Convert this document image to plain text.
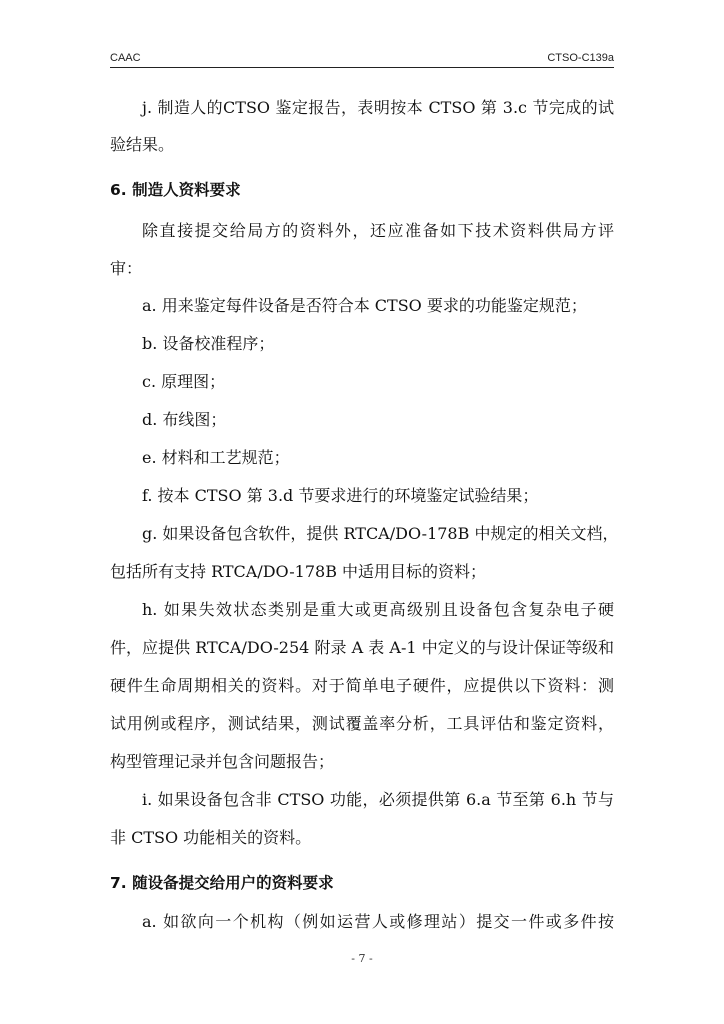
CAAC	CTSO-C139a
j. 制造人的CTSO 鉴定报告，表明按本 CTSO 第 3.c 节完成的试
验结果。
6. 制造人资料要求
除直接提交给局方的资料外，还应准备如下技术资料供局方评
审：
a. 用来鉴定每件设备是否符合本 CTSO 要求的功能鉴定规范；
b. 设备校准程序；
c. 原理图；
d. 布线图；
e. 材料和工艺规范；
f. 按本 CTSO 第 3.d 节要求进行的环境鉴定试验结果；
g. 如果设备包含软件，提供 RTCA/DO-178B 中规定的相关文档，
包括所有支持 RTCA/DO-178B 中适用目标的资料；
h. 如果失效状态类别是重大或更高级别且设备包含复杂电子硬
件，应提供 RTCA/DO-254 附录 A 表 A-1 中定义的与设计保证等级和
硬件生命周期相关的资料。对于简单电子硬件，应提供以下资料：测
试用例或程序，测试结果，测试覆盖率分析，工具评估和鉴定资料，
构型管理记录并包含问题报告；
i. 如果设备包含非 CTSO 功能，必须提供第 6.a 节至第 6.h 节与
非 CTSO 功能相关的资料。
7. 随设备提交给用户的资料要求
a. 如欲向一个机构（例如运营人或修理站）提交一件或多件按
- 7 -
